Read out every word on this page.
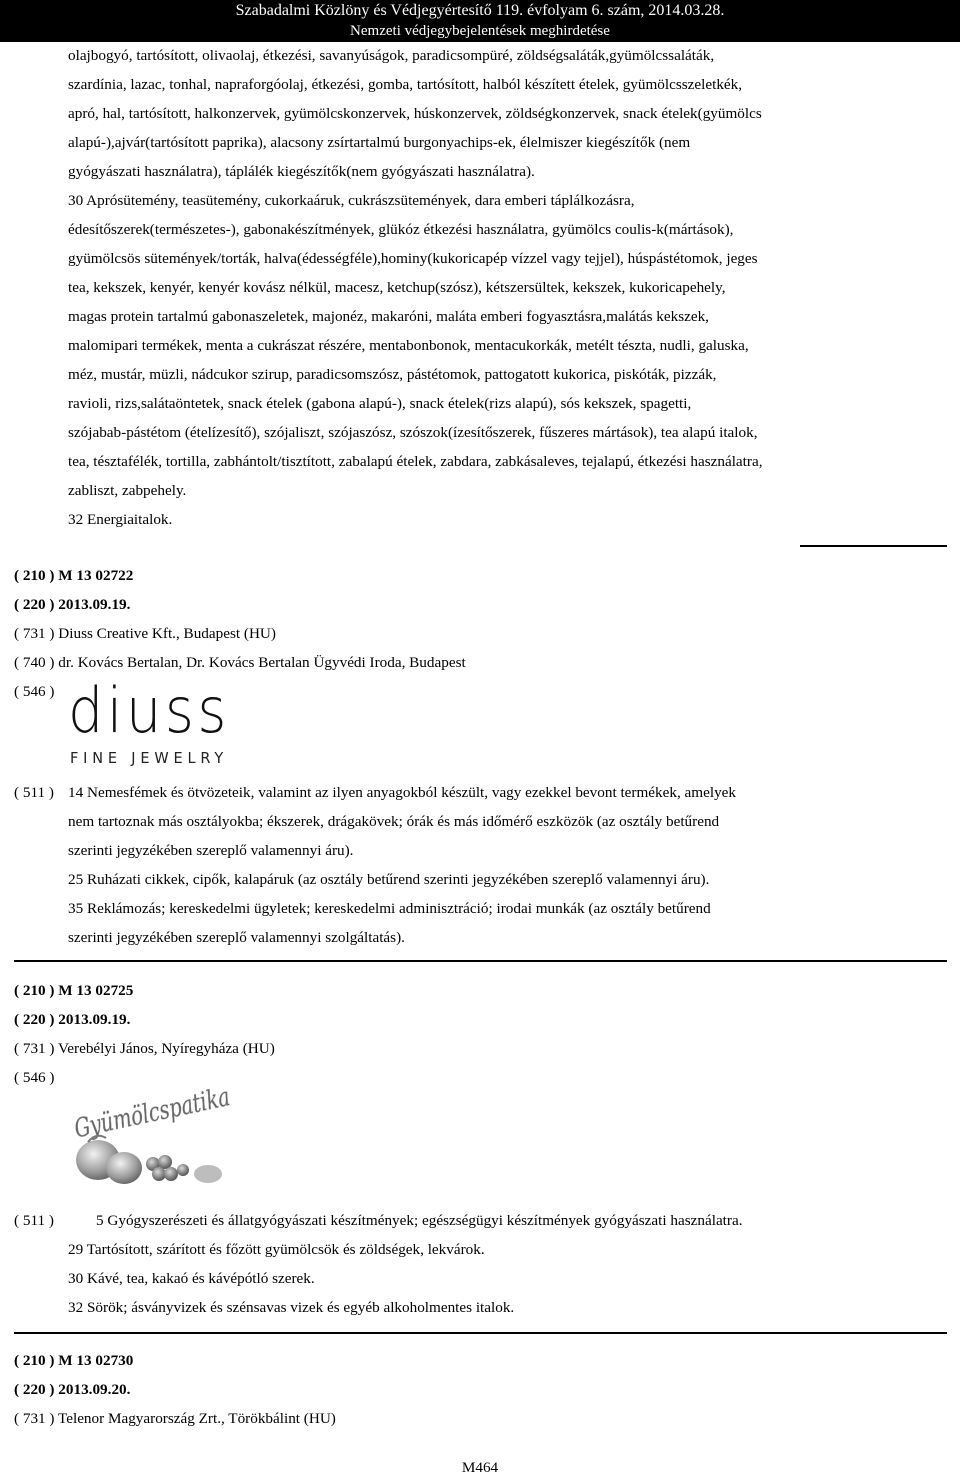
Szabadalmi Közlöny és Védjegyértesítő 119. évfolyam 6. szám, 2014.03.28.
Nemzeti védjegybejelentések meghirdetése
olajbogyó, tartósított, olivaolaj, étkezési, savanyúságok, paradicsompüré, zöldségsaláták,gyümölcssaláták,
szardínia, lazac, tonhal, napraforgóolaj, étkezési, gomba, tartósított, halból készített ételek, gyümölcsszeletkék,
apró, hal, tartósított, halkonzervek, gyümölcskonzervek, húskonzervek, zöldségkonzervek, snack ételek(gyümölcs
alapú-),ajvár(tartósított paprika), alacsony zsírtartalmú burgonyachips-ek, élelmiszer kiegészítők (nem
gyógyászati használatra), táplálék kiegészítők(nem gyógyászati használatra).
30 Aprósütemény, teasütemény, cukorkaáruk, cukrászsütemények, dara emberi táplálkozásra,
édesítőszerek(természetes-), gabonakészítmények, glükóz étkezési használatra, gyümölcs coulis-k(mártások),
gyümölcsös sütemények/torták, halva(édességféle),hominy(kukoricapép vízzel vagy tejjel), húspástétomok, jeges
tea, kekszek, kenyér, kenyér kovász nélkül, macesz, ketchup(szósz), kétszersültek, kekszek, kukoricapehely,
magas protein tartalmú gabonaszeletek, majonéz, makaróni, maláta emberi fogyasztásra,malátás kekszek,
malomipari termékek, menta a cukrászat részére, mentabonbonok, mentacukorkák, metélt tészta, nudli, galuska,
méz, mustár, müzli, nádcukor szirup, paradicsomszósz, pástétomok, pattogatott kukorica, piskóták, pizzák,
ravioli, rizs,salátaöntetek, snack ételek (gabona alapú-), snack ételek(rizs alapú), sós kekszek, spagetti,
szójabab-pástétom (ételízesítő), szójaliszt, szójaszósz, szószok(ízesítőszerek, fűszeres mártások), tea alapú italok,
tea, tésztafélék, tortilla, zabhántolt/tisztított, zabalapú ételek, zabdara, zabkásaleves, tejalapú, étkezési használatra,
zabliszt, zabpehely.
32 Energiaitalok.
( 210 ) M 13 02722
( 220 ) 2013.09.19.
( 731 ) Diuss Creative Kft., Budapest (HU)
( 740 ) dr. Kovács Bertalan, Dr. Kovács Bertalan Ügyvédi Iroda, Budapest
( 546 ) diuss
FINE JEWELRY
( 511 ) 14 Nemesfémek és ötvözeteik, valamint az ilyen anyagokból készült, vagy ezekkel bevont termékek, amelyek
nem tartoznak más osztályokba; ékszerek, drágakövek; órák és más időmérő eszközök (az osztály betűrend
szerinti jegyzékében szereplő valamennyi áru).
25 Ruházati cikkek, cipők, kalapáruk (az osztály betűrend szerinti jegyzékében szereplő valamennyi áru).
35 Reklámozás; kereskedelmi ügyletek; kereskedelmi adminisztráció; irodai munkák (az osztály betűrend
szerinti jegyzékében szereplő valamennyi szolgáltatás).
( 210 ) M 13 02725
( 220 ) 2013.09.19.
( 731 ) Verebélyi János, Nyíregyháza (HU)
( 546 ) Gyümölcspatika
( 511 )	5 Gyógyszerészeti és állatgyógyászati készítmények; egészségügyi készítmények gyógyászati használatra.
29 Tartósított, szárított és főzött gyümölcsök és zöldségek, lekvárok.
30 Kávé, tea, kakaó és kávépótló szerek.
32 Sörök; ásványvizek és szénsavas vizek és egyéb alkoholmentes italok.
( 210 ) M 13 02730
( 220 ) 2013.09.20.
( 731 ) Telenor Magyarország Zrt., Törökbálint (HU)
M464
